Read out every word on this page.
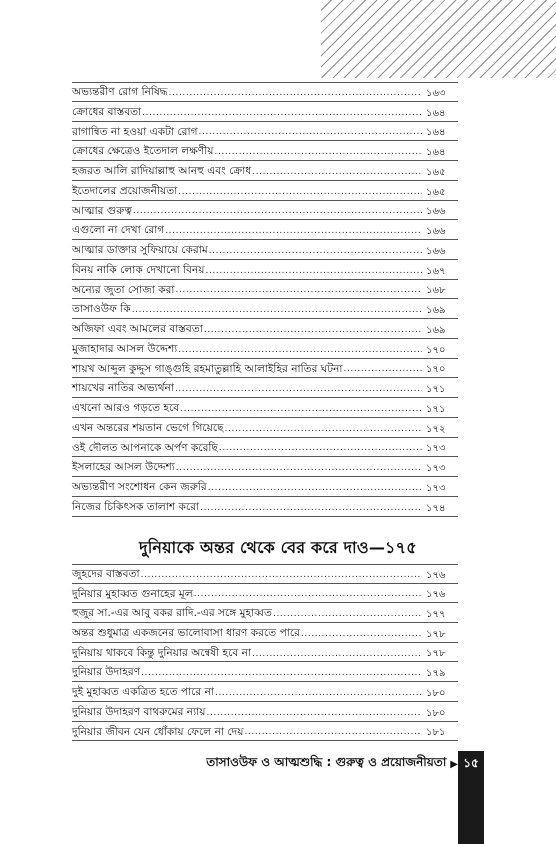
অভ্যন্তরীণ রোগ নিষিদ্ধ .....	১৬৩
ক্রোধের বাস্তবতা .....	১৬৪
রাগান্বিত না হওয়া একটা রোগ .....	১৬৪
ক্রোধের ক্ষেত্রেও ইতেদাল লক্ষণীয় .....	১৬৪
হজরত আলি রাদিয়াল্লাহু আনহু এবং ক্রোধ .....	১৬৫
ইতেদালের প্রয়োজনীয়তা .....	১৬৫
আত্মার গুরুত্ব .....	১৬৬
এগুলো না দেখা রোগ .....	১৬৬
আত্মার ডাক্তার সুফিয়ায়ে কেরাম .....	১৬৬
বিনয় নাকি লোক দেখানো বিনয় .....	১৬৭
অন্যের জুতা সোজা করা .....	১৬৮
তাসাওউফ কি .....	১৬৯
অজিফা এবং আমলের বাস্তবতা .....	১৬৯
মুজাহাদার আসল উদ্দেশ্য .....	১৭০
শায়খ আব্দুল কুদ্দুস গাঙ্গুহি রহমাতুল্লাহি আলাইহির নাতির ঘটনা .....	১৭০
শায়খের নাতির অভ্যর্থনা .....	১৭১
এখনো আরও গড়তে হবে .....	১৭১
এখন অন্তরের শয়তান ভেগে গিয়েছে .....	১৭২
ওই দৌলত আপনাকে অর্পণ করেছি .....	১৭৩
ইসলাহের আসল উদ্দেশ্য .....	১৭৩
অভ্যন্তরীণ সংশোধন কেন জরুরি .....	১৭৩
নিজের চিকিৎসক তালাশ করো .....	১৭৪
দুনিয়াকে অন্তর থেকে বের করে দাও—১৭৫
জুহদের বাস্তবতা .....	১৭৬
দুনিয়ার মুহাব্বত গুনাহের মূল .....	১৭৬
হুজুর সা.-এর আবু বকর রাদি.-এর সঙ্গে মুহাব্বত .....	১৭৭
অন্তর শুধুমাত্র একজনের ভালোবাসা ধারণ করতে পারে .....	১৭৮
দুনিয়ায় থাকবে কিন্তু দুনিয়ার অন্বেষী হবে না .....	১৭৮
দুনিয়ার উদাহরণ .....	১৭৯
দুই মুহাব্বত একত্রিত হতে পারে না .....	১৮০
দুনিয়ার উদাহরণ বাথরুমের ন্যায় .....	১৮০
দুনিয়ার জীবন যেন ধোঁকায় ফেলে না দেয় .....	১৮১
তাসাওউফ ও আত্মশুদ্ধি : গুরুত্ব ও প্রয়োজনীয়তা ▶ ১৫
